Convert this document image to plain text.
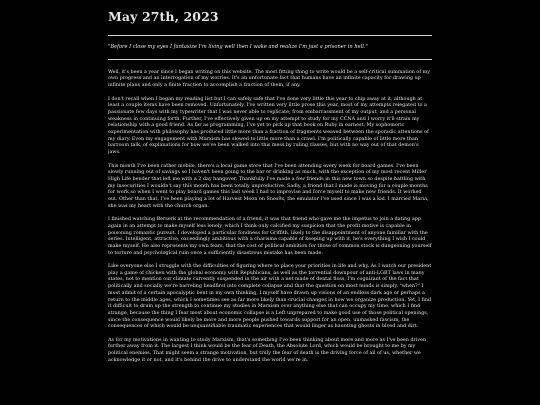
May 27th, 2023

"Before I close my eyes I fantasize I'm living well then I wake and realize I'm just a prisoner in hell."

Well, it's been a year since I began writing on this website. The most fitting thing to write would be a self-critical summation of my own progress and an interrogation of my worries. It's an unfortunate fact that humans have an infinite capacity for drawing up infinite plans and only a finite fraction to accomplish a fraction of them, if any.

I don't recall when I began my reading list but I can safely safe that I've done very little this year to chip away at it, although at least a couple items have been removed. Unfortunately, I've written very little prose this year, most of my attempts relegated to a passionate few days with my typewriter that I was never able to replicate; from embarrassment of my output, and a personal weakness in continuing forth. Further, I've effectively given up on my attempt to study for my CCNA and I worry it'll strain my relationship with a good friend. As far as programming, I've yet to pick up that book on Ruby in earnest. My sophomoric experimentation with philosophy has produced little more than a fraction of fragments weaved between the sporadic attentions of my diary. Even my engagement with Marxism has slowed to little more than a crawl. I'm politically capable of little more than barroom talk, of explanations for how we've been walked into this mess by ruling classes, but with no way out of that demon's jaws.

This month I've been rather mobile, there's a local game store that I've been attending every week for board games. I've been slowly running out of savings so I haven't been going to the bar or drinking as much, with the exception of my most recent Miller High Life bender that left me with a 2 day hangover. Thankfully I've made a few friends in this new town so despite battling with my insecurities I wouldn't say this month has been totally unproductive. Sadly, a friend that I made is moving for a couple months for work so when I went to play board games this last week I had to improvise and force myself to make new friends. It worked out. Other than that, I've been playing a lot of Harvest Moon on Snes9x, the emulator I've used since I was a kid. I married Maria, she was my heart with the church organ.

I finished watching Berserk at the recommendation of a friend, it was that friend who gave me the impetus to join a dating app again in an attempt to make myself less lonely, which I think only calcified my suspicion that the profit motive is capable in poisoning romantic pursuit. I developed a particular fondness for Griffith, likely to the disappointment of anyone familiar with the series. Intelligent, attractive, exceedingly ambitious with a charisma capable of keeping up with it, he's everything I wish I could make myself. He also represents my own fears, that the cost of political ambition for those of common stock is dungeoning yourself to torture and psychological ruin once a sufficiently disastrous mistake has been made.

Like everyone else I struggle with the difficulties of figuring where to place your priorities in life and why. As I watch our president play a game of chicken with the global economy with Republicans, as well as the torrential downpour of anti-LGBT laws in many states, not to mention our climate currently suspended in the air with a net made of dental floss, I'm cognizant of the fact that politically and socially we're barreling headfirst into complete collapse and that the question on most minds is simply, "when?" I must admit of a certain apocalyptic bent in my own thinking, I myself have drawn up visions of an endless dark age or perhaps a return to the middle ages, which I sometimes see as far more likely than crucial changes in how we organize production. Yet, I find it difficult to drum up the strength to continue my studies in Marxism over anything else that can occupy my time, which I find strange, because the thing I fear most about economic collapse is a Left unprepared to make good use of those political openings, since the consequence would likely be more and more people pushed towards support for an open, unmasked fascism, the consequences of which would be unquantifiable traumatic experiences that would linger as haunting ghosts in blood and dirt.

As for my motivations in wanting to study Marxism, that's something I've been thinking about more and more as I've been driven further away from it. The largest I think would be the fear of Death, the Absolute Lord, which would be brought to me by my political enemies. That might seem a strange motivation, but truly the fear of death is the driving force of all of us, whether we acknowledge it or not, and it's behind the drive to understand the world we're in.
